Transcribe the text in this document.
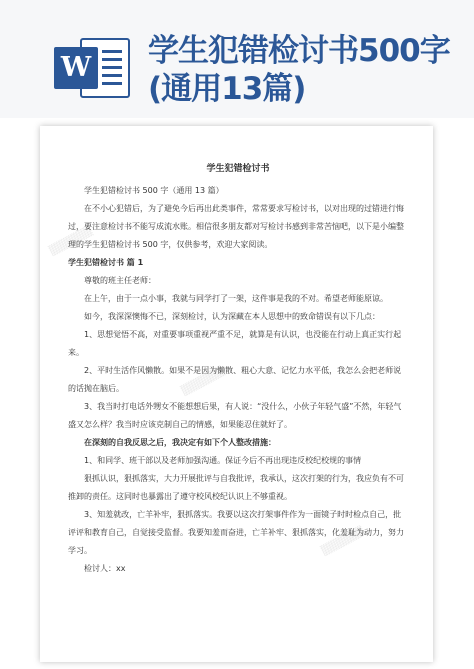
W 学生犯错检讨书500字(通用13篇)
▒▒▒▒▒▒
▒▒▒▒▒▒
▒▒▒▒▒▒
学生犯错检讨书

学生犯错检讨书 500 字（通用 13 篇）

在不小心犯错后，为了避免今后再出此类事件，常常要求写检讨书，以对出现的过错进行悔过，要注意检讨书不能写成流水账。相信很多朋友都对写检讨书感到非常苦恼吧，以下是小编整理的学生犯错检讨书 500 字，仅供参考，欢迎大家阅读。

学生犯错检讨书 篇 1

尊敬的班主任老师：

在上午，由于一点小事，我就与同学打了一架，这件事是我的不对。希望老师能原谅。

如今，我深深懊悔不已，深刻检讨，认为深藏在本人思想中的致命错误有以下几点：

1、思想觉悟不高，对重要事项重视严重不足，就算是有认识，也没能在行动上真正实行起来。

2、平时生活作风懒散。如果不是因为懒散、粗心大意、记忆力水平低，我怎么会把老师说的话抛在脑后。

3、我当时打电话外甥女不能想想后果，有人说：“没什么，小伙子年轻气盛”不然，年轻气盛又怎么样？我当时应该克制自己的情感，如果能忍住就好了。

在深刻的自我反思之后，我决定有如下个人整改措施：

1、和同学、班干部以及老师加强沟通。保证今后不再出现违反校纪校规的事情

狠抓认识，狠抓落实，大力开展批评与自我批评，我承认，这次打架的行为，我应负有不可推卸的责任。这同时也暴露出了遵守校风校纪认识上不够重视。

3、知羞就改，亡羊补牢，狠抓落实。我要以这次打架事件作为一面镜子时时检点自己，批评评和教育自己，自觉接受监督。我要知羞而奋进，亡羊补牢、狠抓落实，化羞耻为动力，努力学习。

检讨人：xx
